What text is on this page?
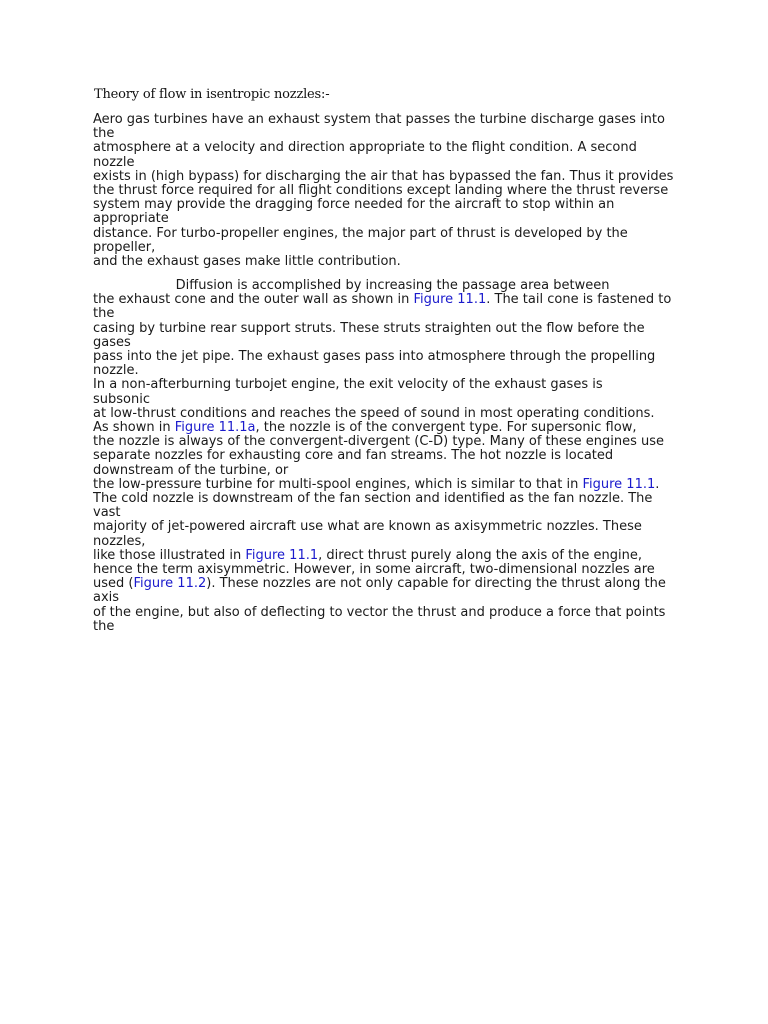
Theory of flow in isentropic nozzles:-
Aero gas turbines have an exhaust system that passes the turbine discharge gases into
the
atmosphere at a velocity and direction appropriate to the flight condition. A second
nozzle
exists in (high bypass) for discharging the air that has bypassed the fan. Thus it provides
the thrust force required for all flight conditions except landing where the thrust reverse
system may provide the dragging force needed for the aircraft to stop within an
appropriate
distance. For turbo-propeller engines, the major part of thrust is developed by the
propeller,
and the exhaust gases make little contribution.
Diffusion is accomplished by increasing the passage area between
the exhaust cone and the outer wall as shown in Figure 11.1. The tail cone is fastened to
the
casing by turbine rear support struts. These struts straighten out the flow before the
gases
pass into the jet pipe. The exhaust gases pass into atmosphere through the propelling
nozzle.
In a non-afterburning turbojet engine, the exit velocity of the exhaust gases is
subsonic
at low-thrust conditions and reaches the speed of sound in most operating conditions.
As shown in Figure 11.1a, the nozzle is of the convergent type. For supersonic flow,
the nozzle is always of the convergent-divergent (C-D) type. Many of these engines use
separate nozzles for exhausting core and fan streams. The hot nozzle is located
downstream of the turbine, or
the low-pressure turbine for multi-spool engines, which is similar to that in Figure 11.1.
The cold nozzle is downstream of the fan section and identified as the fan nozzle. The
vast
majority of jet-powered aircraft use what are known as axisymmetric nozzles. These
nozzles,
like those illustrated in Figure 11.1, direct thrust purely along the axis of the engine,
hence the term axisymmetric. However, in some aircraft, two-dimensional nozzles are
used (Figure 11.2). These nozzles are not only capable for directing the thrust along the
axis
of the engine, but also of deflecting to vector the thrust and produce a force that points
the
